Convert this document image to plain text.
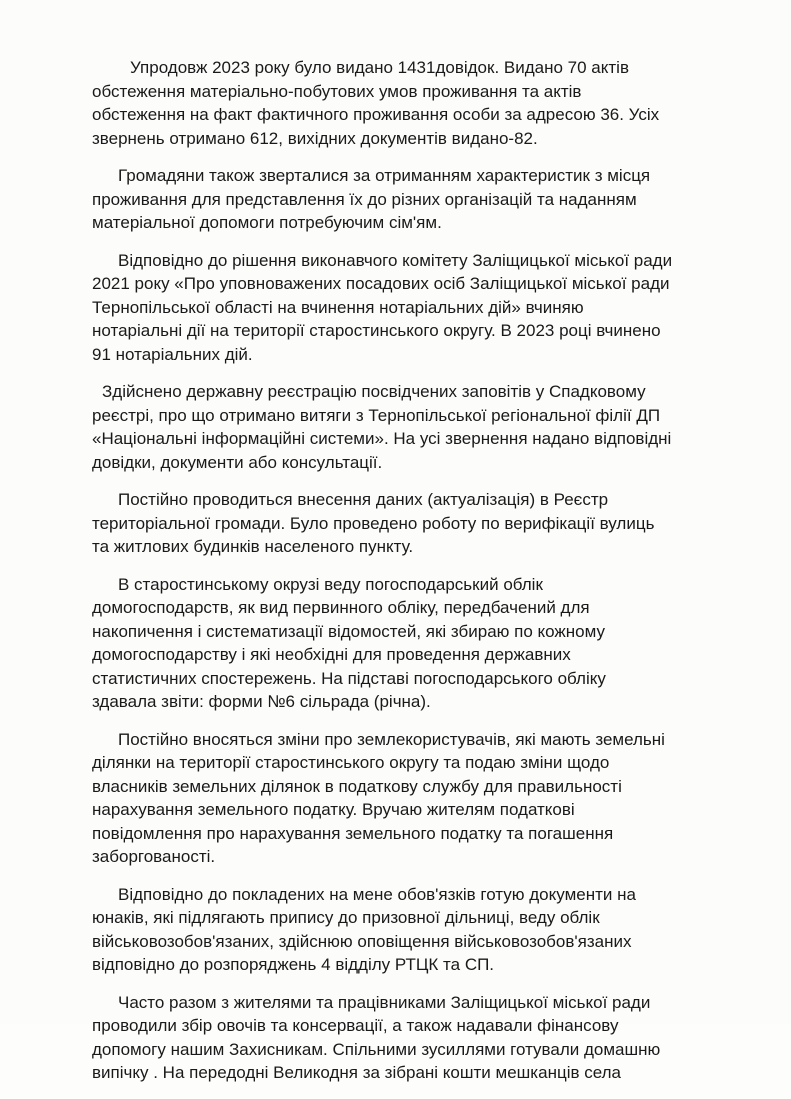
Упродовж 2023 року було видано 1431довідок. Видано 70 актів
обстеження матеріально-побутових умов проживання та актів
обстеження на факт фактичного проживання особи за адресою 36. Усіх
звернень отримано 612, вихідних документів видано-82.

Громадяни також зверталися за отриманням характеристик з місця
проживання для представлення їх до різних організацій та наданням
матеріальної допомоги потребуючим сім'ям.

Відповідно до рішення виконавчого комітету Заліщицької міської ради
2021 року «Про уповноважених посадових осіб Заліщицької міської ради
Тернопільської області на вчинення нотаріальних дій» вчиняю
нотаріальні дії на території старостинського округу. В 2023 році вчинено
91 нотаріальних дій.

Здійснено державну реєстрацію посвідчених заповітів у Спадковому
реєстрі, про що отримано витяги з Тернопільської регіональної філії ДП
«Національні інформаційні системи». На усі звернення надано відповідні
довідки, документи або консультації.

Постійно проводиться внесення даних (актуалізація) в Реєстр
територіальної громади. Було проведено роботу по верифікації вулиць
та житлових будинків населеного пункту.

В старостинському окрузі веду погосподарський облік
домогосподарств, як вид первинного обліку, передбачений для
накопичення і систематизації відомостей, які збираю по кожному
домогосподарству і які необхідні для проведення державних
статистичних спостережень. На підставі погосподарського обліку
здавала звіти: форми №6 сільрада (річна).

Постійно вносяться зміни про землекористувачів, які мають земельні
ділянки на території старостинського округу та подаю зміни щодо
власників земельних ділянок в податкову службу для правильності
нарахування земельного податку. Вручаю жителям податкові
повідомлення про нарахування земельного податку та погашення
заборгованості.

Відповідно до покладених на мене обов'язків готую документи на
юнаків, які підлягають припису до призовної дільниці, веду облік
військовозобов'язаних, здійснюю оповіщення військовозобов'язаних
відповідно до розпоряджень 4 відділу РТЦК та СП.

Часто разом з жителями та працівниками Заліщицької міської ради
проводили збір овочів та консервації, а також надавали фінансову
допомогу нашим Захисникам. Спільними зусиллями готували домашню
випічку . На передодні Великодня за зібрані кошти мешканців села
